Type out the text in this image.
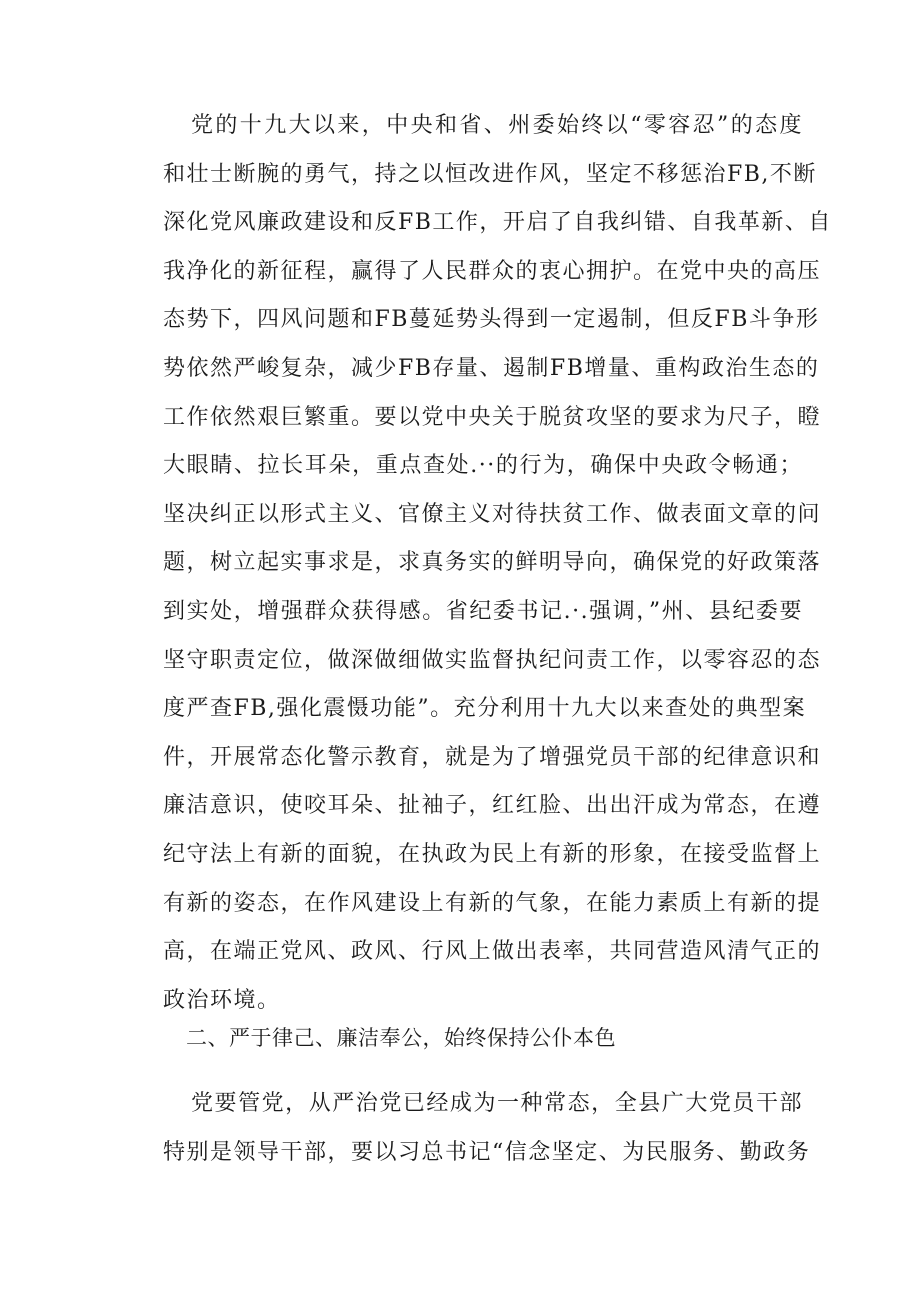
党的十九大以来，中央和省、州委始终以“零容忍”的态度
和壮士断腕的勇气，持之以恒改进作风，坚定不移惩治FB,不断
深化党风廉政建设和反FB工作，开启了自我纠错、自我革新、自
我净化的新征程，赢得了人民群众的衷心拥护。在党中央的高压
态势下，四风问题和FB蔓延势头得到一定遏制，但反FB斗争形
势依然严峻复杂，减少FB存量、遏制FB增量、重构政治生态的
工作依然艰巨繁重。要以党中央关于脱贫攻坚的要求为尺子，瞪
大眼睛、拉长耳朵，重点查处.··的行为，确保中央政令畅通；
坚决纠正以形式主义、官僚主义对待扶贫工作、做表面文章的问
题，树立起实事求是，求真务实的鲜明导向，确保党的好政策落
到实处，增强群众获得感。省纪委书记.·.强调，”州、县纪委要
坚守职责定位，做深做细做实监督执纪问责工作，以零容忍的态
度严查FB,强化震慑功能”。充分利用十九大以来查处的典型案
件，开展常态化警示教育，就是为了增强党员干部的纪律意识和
廉洁意识，使咬耳朵、扯袖子，红红脸、出出汗成为常态，在遵
纪守法上有新的面貌，在执政为民上有新的形象，在接受监督上
有新的姿态，在作风建设上有新的气象，在能力素质上有新的提
高，在端正党风、政风、行风上做出表率，共同营造风清气正的
政治环境。
二、严于律己、廉洁奉公，始终保持公仆本色
党要管党，从严治党已经成为一种常态，全县广大党员干部
特别是领导干部，要以习总书记“信念坚定、为民服务、勤政务
